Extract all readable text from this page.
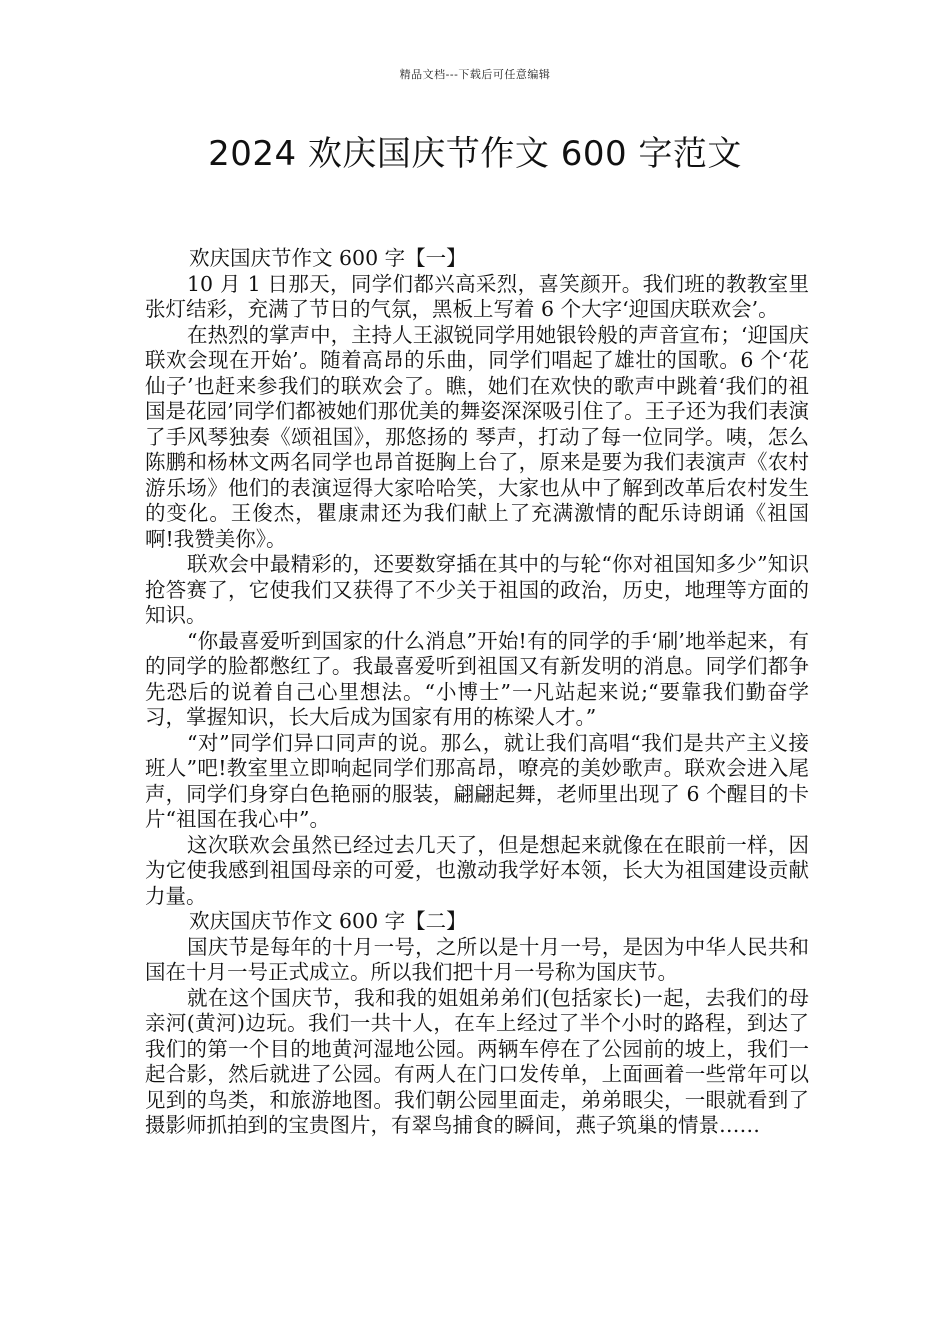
精品文档---下载后可任意编辑
2024 欢庆国庆节作文 600 字范文

欢庆国庆节作文 600 字【一】

10 月 1 日那天，同学们都兴高采烈，喜笑颜开。我们班的教教室里张灯结彩，充满了节日的气氛，黑板上写着 6 个大字‘迎国庆联欢会’。

在热烈的掌声中，主持人王淑锐同学用她银铃般的声音宣布；‘迎国庆联欢会现在开始’。随着高昂的乐曲，同学们唱起了雄壮的国歌。6 个‘花仙子’也赶来参我们的联欢会了。瞧，她们在欢快的歌声中跳着‘我们的祖国是花园’同学们都被她们那优美的舞姿深深吸引住了。王子还为我们表演了手风琴独奏《颂祖国》，那悠扬的 琴声，打动了每一位同学。咦，怎么陈鹏和杨林文两名同学也昂首挺胸上台了，原来是要为我们表演声《农村游乐场》他们的表演逗得大家哈哈笑，大家也从中了解到改革后农村发生的变化。王俊杰，瞿康肃还为我们献上了充满激情的配乐诗朗诵《祖国啊!我赞美你》。

联欢会中最精彩的，还要数穿插在其中的与轮“你对祖国知多少”知识抢答赛了，它使我们又获得了不少关于祖国的政治，历史，地理等方面的知识。

“你最喜爱听到国家的什么消息”开始!有的同学的手‘刷’地举起来，有的同学的脸都憋红了。我最喜爱听到祖国又有新发明的消息。同学们都争先恐后的说着自己心里想法。“小博士”一凡站起来说;“要靠我们勤奋学习，掌握知识，长大后成为国家有用的栋梁人才。”

“对”同学们异口同声的说。那么，就让我们高唱“我们是共产主义接班人”吧!教室里立即响起同学们那高昂，嘹亮的美妙歌声。联欢会进入尾声，同学们身穿白色艳丽的服装，翩翩起舞，老师里出现了 6 个醒目的卡片“祖国在我心中”。

这次联欢会虽然已经过去几天了，但是想起来就像在在眼前一样，因为它使我感到祖国母亲的可爱，也激动我学好本领，长大为祖国建设贡献力量。

欢庆国庆节作文 600 字【二】

国庆节是每年的十月一号，之所以是十月一号，是因为中华人民共和国在十月一号正式成立。所以我们把十月一号称为国庆节。

就在这个国庆节，我和我的姐姐弟弟们(包括家长)一起，去我们的母亲河(黄河)边玩。我们一共十人，在车上经过了半个小时的路程，到达了我们的第一个目的地黄河湿地公园。两辆车停在了公园前的坡上，我们一起合影，然后就进了公园。有两人在门口发传单，上面画着一些常年可以见到的鸟类，和旅游地图。我们朝公园里面走，弟弟眼尖，一眼就看到了摄影师抓拍到的宝贵图片，有翠鸟捕食的瞬间，燕子筑巢的情景……
